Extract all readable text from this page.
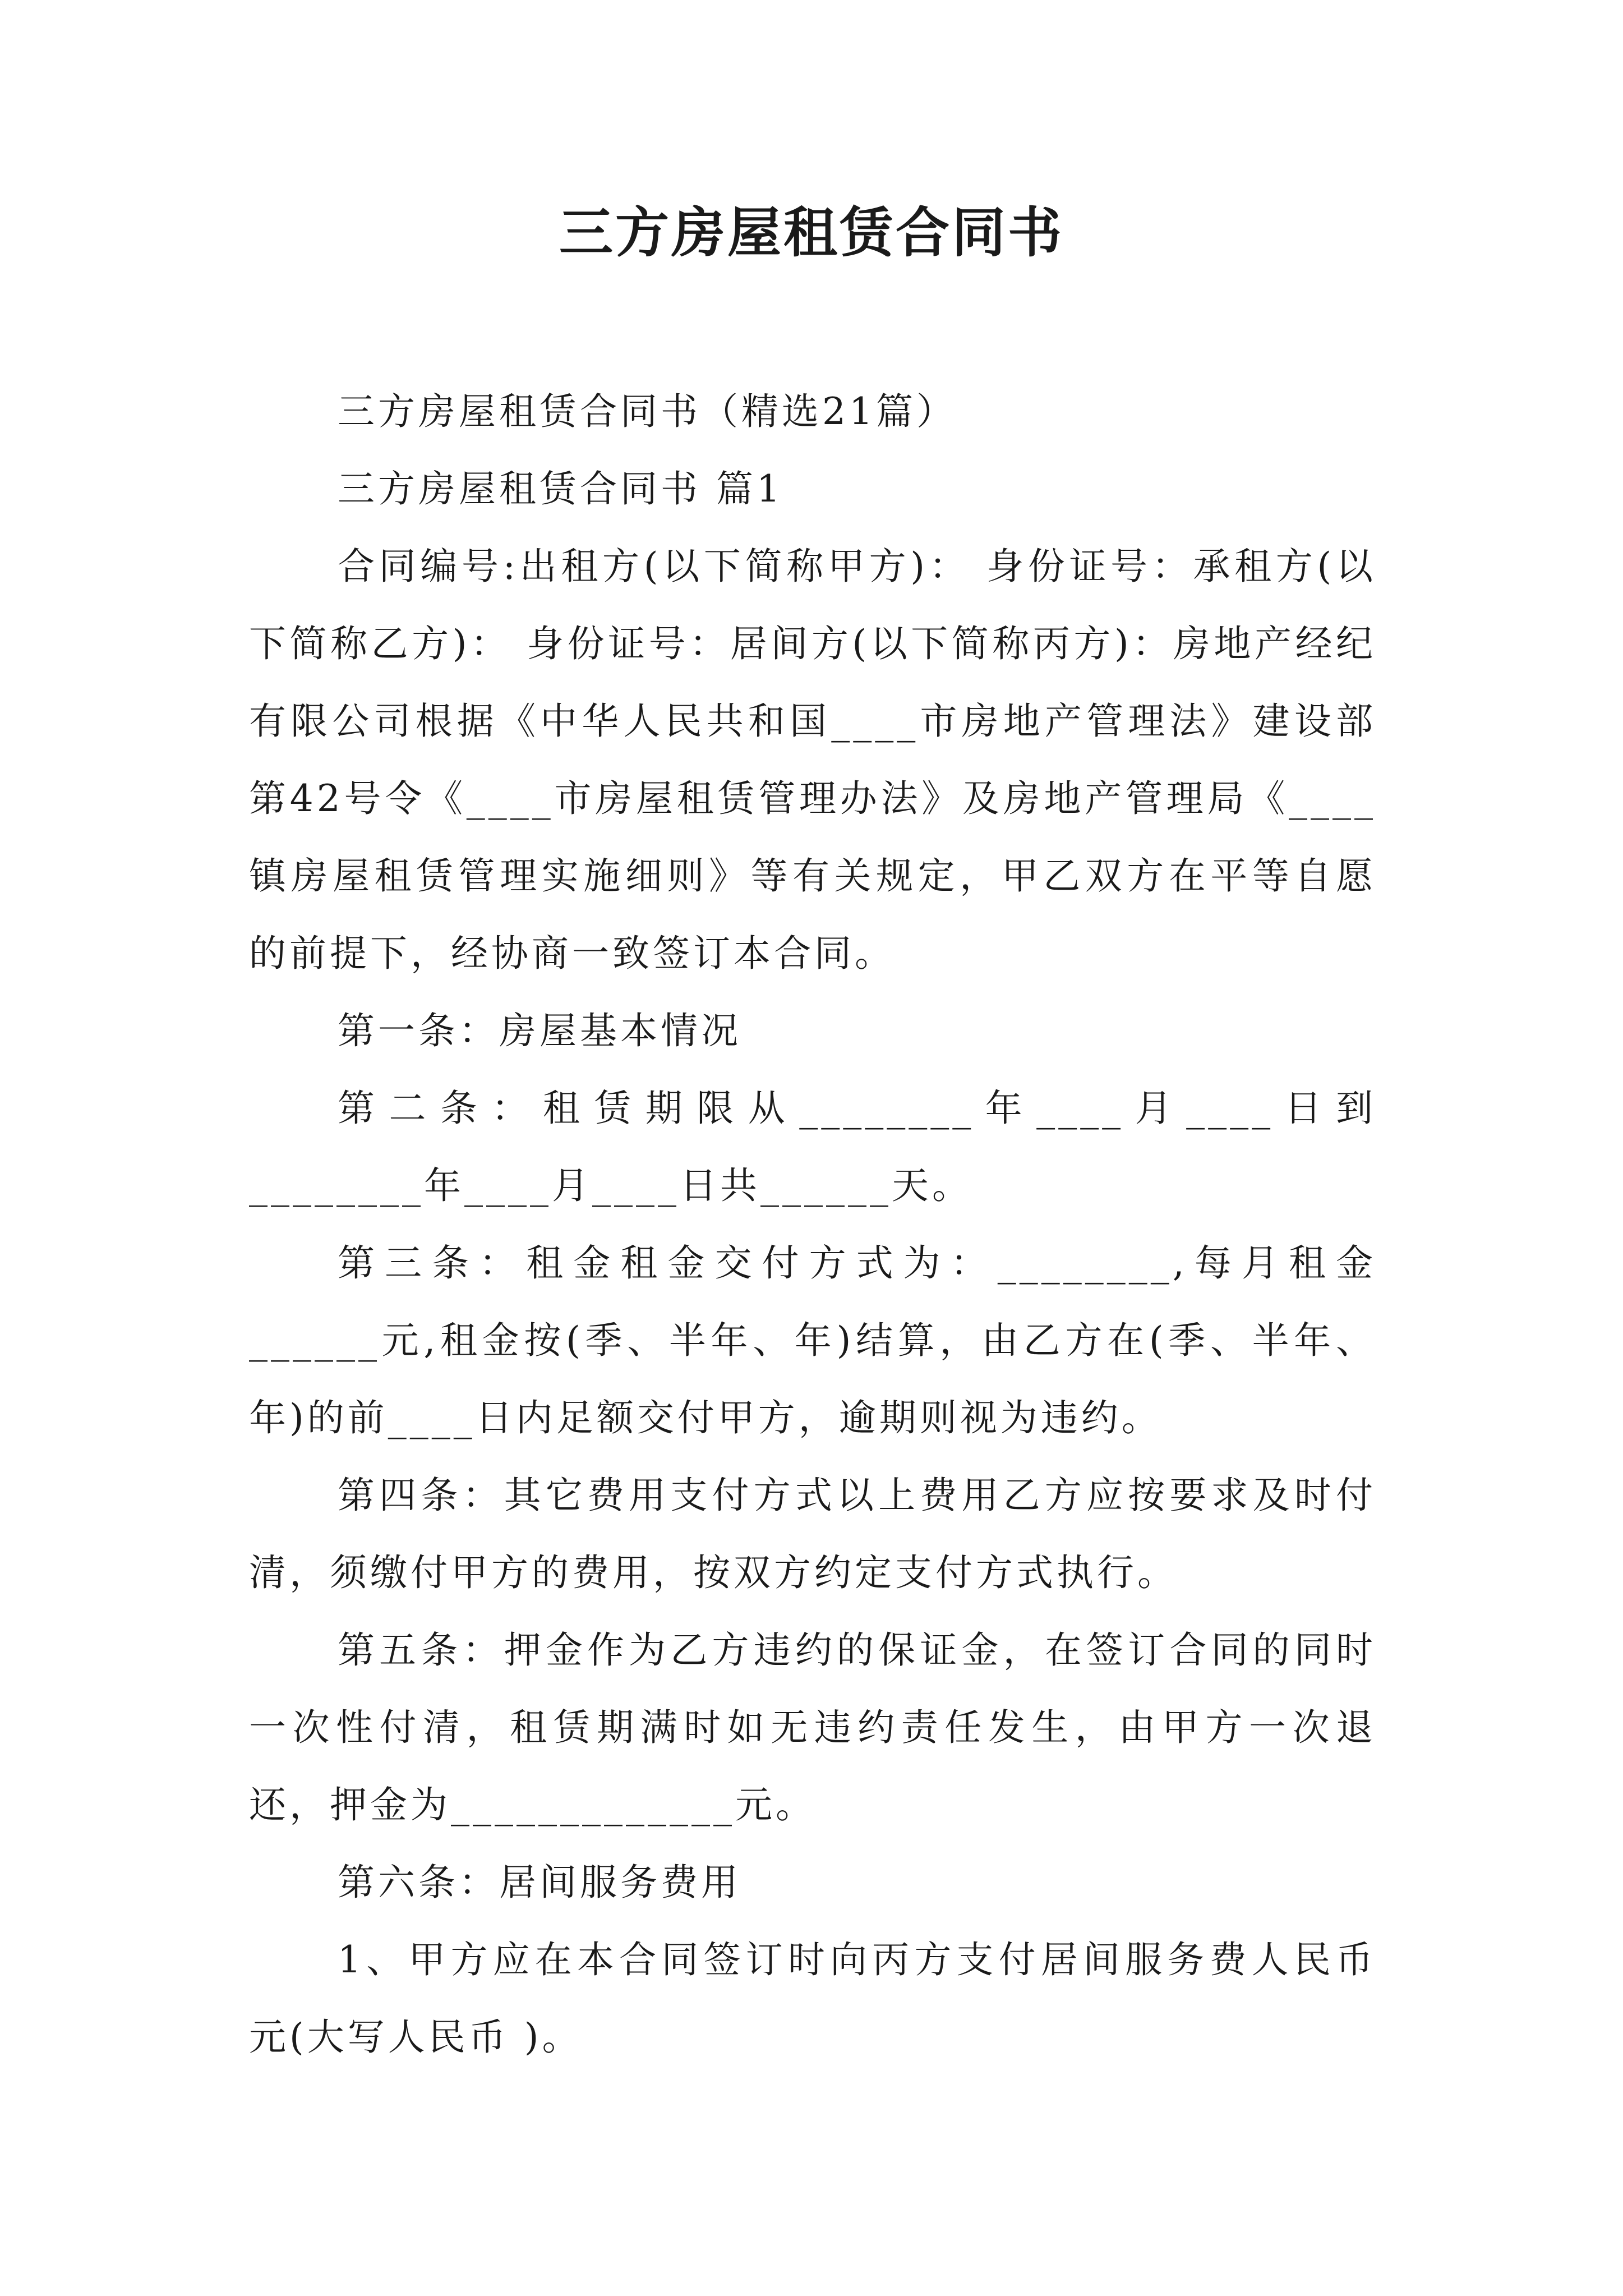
三方房屋租赁合同书

三方房屋租赁合同书（精选21篇）

三方房屋租赁合同书 篇1

合同编号:出租方(以下简称甲方)： 身份证号：承租方(以下简称乙方)： 身份证号：居间方(以下简称丙方)：房地产经纪有限公司根据《中华人民共和国____市房地产管理法》建设部第42号令《____市房屋租赁管理办法》及房地产管理局《____镇房屋租赁管理实施细则》等有关规定，甲乙双方在平等自愿的前提下，经协商一致签订本合同。

第一条：房屋基本情况

第二条：租赁期限从________年____月____日到________年____月____日共______天。

第三条：租金租金交付方式为：________,每月租金______元,租金按(季、半年、年)结算，由乙方在(季、半年、年)的前____日内足额交付甲方，逾期则视为违约。

第四条：其它费用支付方式以上费用乙方应按要求及时付清，须缴付甲方的费用，按双方约定支付方式执行。

第五条：押金作为乙方违约的保证金，在签订合同的同时一次性付清，租赁期满时如无违约责任发生，由甲方一次退还，押金为_____________元。

第六条：居间服务费用

1、甲方应在本合同签订时向丙方支付居间服务费人民币 元(大写人民币 )。
